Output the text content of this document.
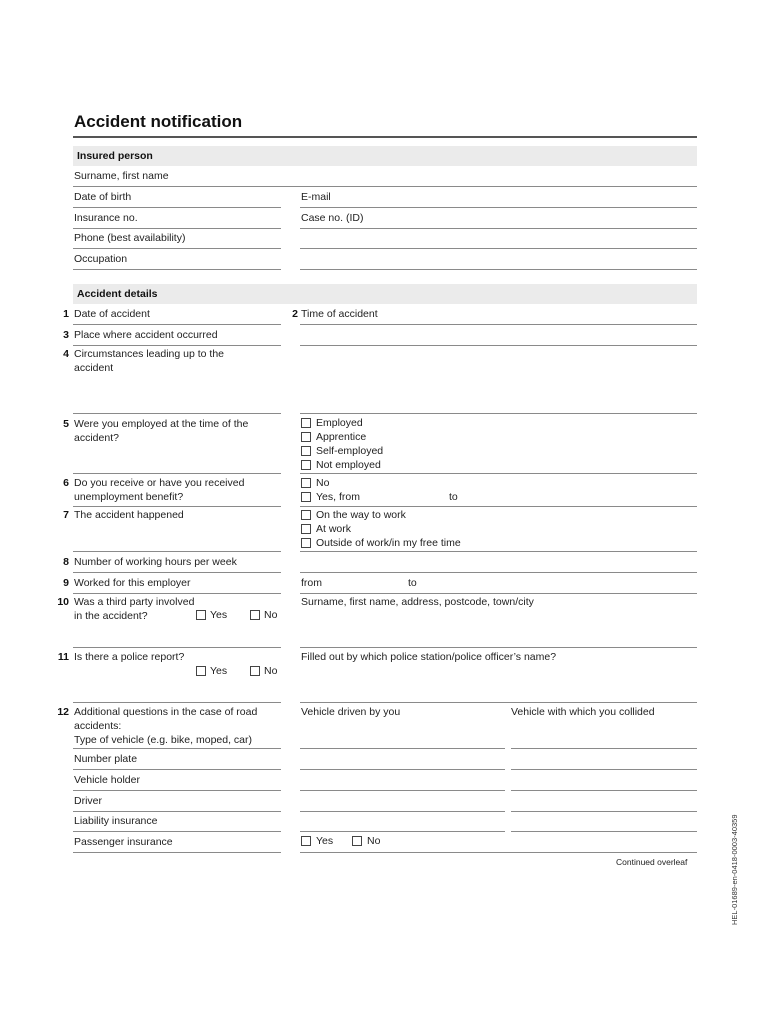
Accident notification
Insured person
Surname, first name
Date of birth	E-mail
Insurance no.	Case no. (ID)
Phone (best availability)
Occupation
Accident details
1 Date of accident	2 Time of accident
3 Place where accident occurred
4 Circumstances leading up to the
accident
5 Were you employed at the time of the
accident?
Employed
Apprentice
Self-employed
Not employed
6 Do you receive or have you received
unemployment benefit?
No
Yes, from	to
7 The accident happened	On the way to work
At work
Outside of work/in my free time
8 Number of working hours per week
9 Worked for this employer	from	to
10 Was a third party involved
in the accident?	Yes	No
Surname, first name, address, postcode, town/city
11 Is there a police report?
Yes	No
Filled out by which police station/police officer’s name?
12 Additional questions in the case of road
accidents:
Type of vehicle (e.g. bike, moped, car)
Vehicle driven by you	Vehicle with which you collided
Number plate
Vehicle holder
Driver
Liability insurance
Passenger insurance	Yes	No
Continued overleaf	HEL-01689-en-0418-0003-40359
